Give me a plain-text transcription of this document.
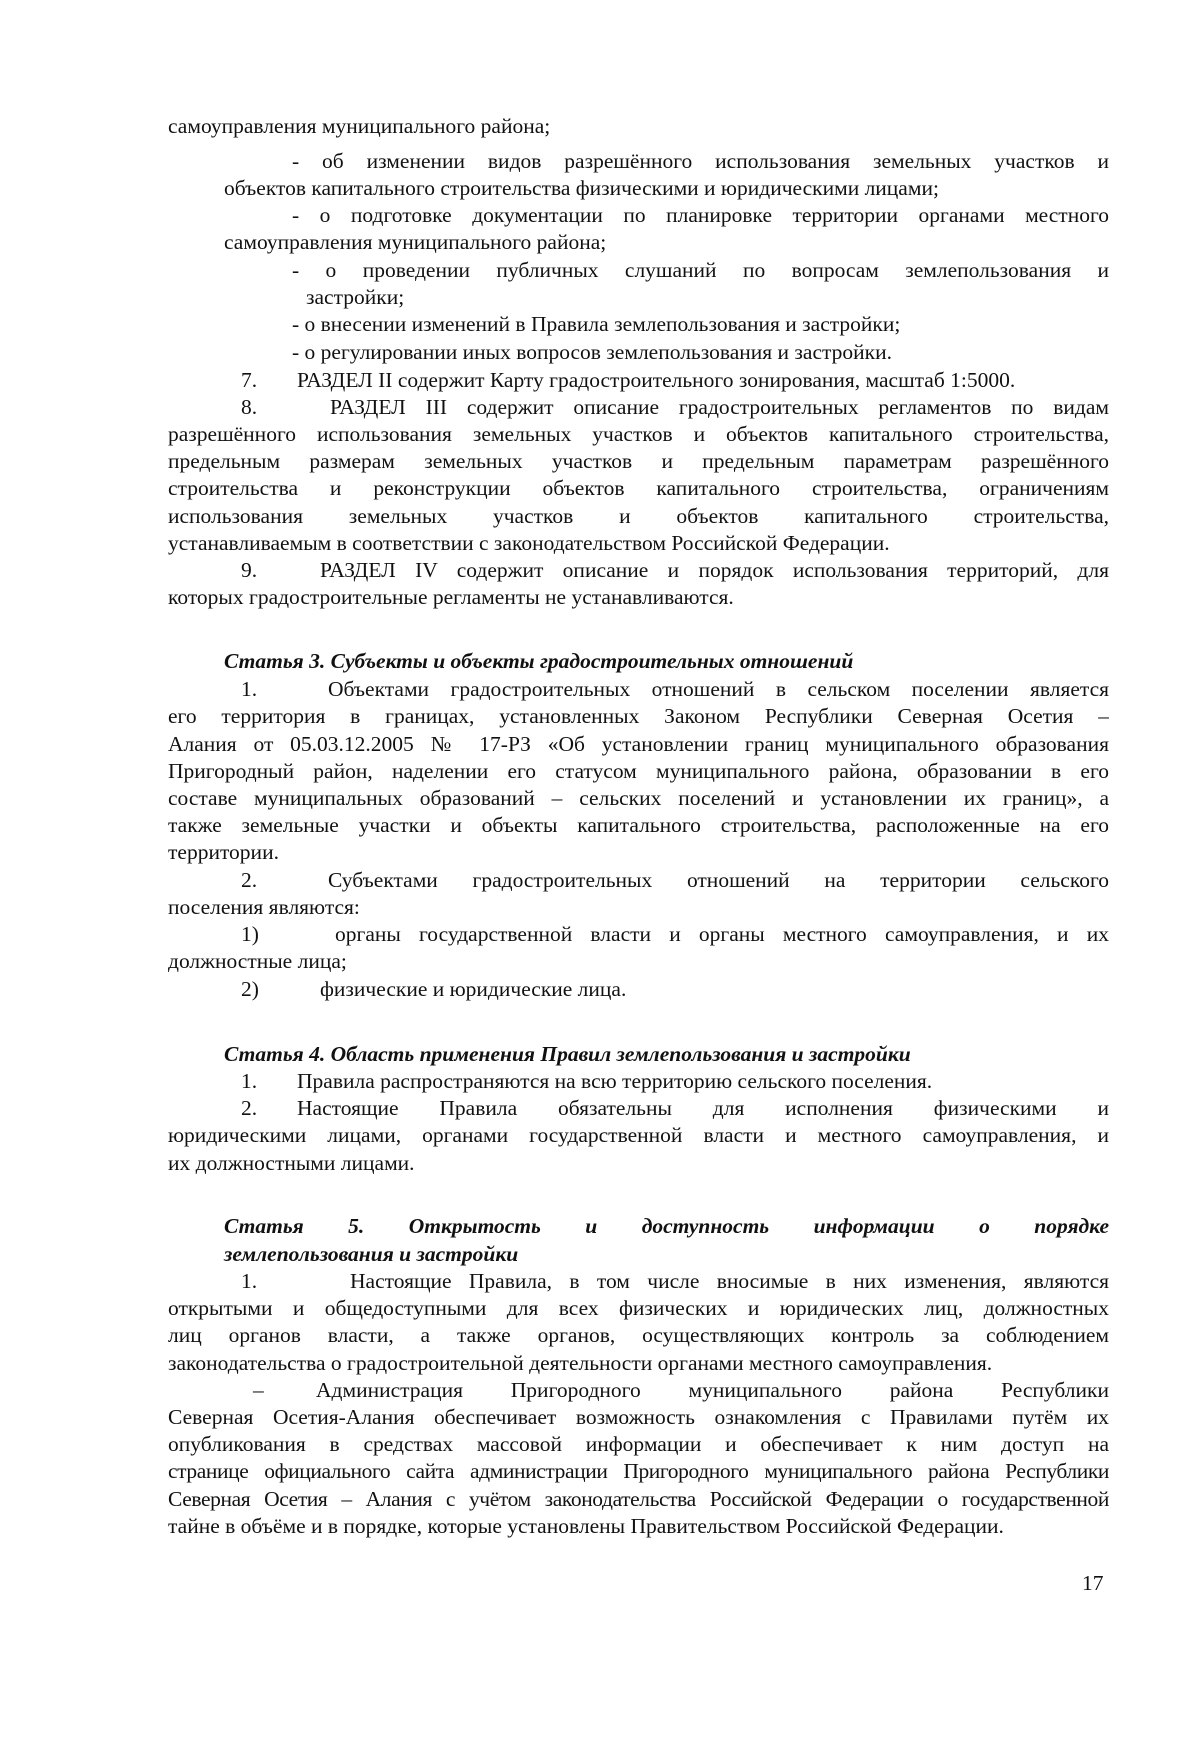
самоуправления муниципального района;
- об изменении видов разрешённого использования земельных участков и
объектов капитального строительства физическими и юридическими лицами;
- о подготовке документации по планировке территории органами местного
самоуправления муниципального района;
- о проведении публичных слушаний по вопросам землепользования и
застройки;
- о внесении изменений в Правила землепользования и застройки;
- о регулировании иных вопросов землепользования и застройки.
7. РАЗДЕЛ II содержит Карту градостроительного зонирования, масштаб 1:5000.
8.	РАЗДЕЛ III содержит описание градостроительных регламентов по видам
разрешённого использования земельных участков и объектов капитального строительства,
предельным размерам земельных участков и предельным параметрам разрешённого
строительства и реконструкции объектов капитального строительства, ограничениям
использования земельных участков и объектов капитального строительства,
устанавливаемым в соответствии с законодательством Российской Федерации.
9.	РАЗДЕЛ IV содержит описание и порядок использования территорий, для
которых градостроительные регламенты не устанавливаются.
Статья 3. Субъекты и объекты градостроительных отношений
1.	Объектами градостроительных отношений в сельском поселении является
его территория в границах, установленных Законом Республики Северная Осетия –
Алания от 05.03.12.2005 № 17-РЗ «Об установлении границ муниципального образования
Пригородный район, наделении его статусом муниципального района, образовании в его
составе муниципальных образований – сельских поселений и установлении их границ», а
также земельные участки и объекты капитального строительства, расположенные на его
территории.
2.	Субъектами градостроительных отношений на территории сельского
поселения являются:
1)	органы государственной власти и органы местного самоуправления, и их
должностные лица;
2)	физические и юридические лица.
Статья 4. Область применения Правил землепользования и застройки
1. Правила распространяются на всю территорию сельского поселения.
2. Настоящие Правила обязательны для исполнения физическими и
юридическими лицами, органами государственной власти и местного самоуправления, и
их должностными лицами.
Статья 5. Открытость и доступность информации о порядке
землепользования и застройки
1.	Настоящие Правила, в том числе вносимые в них изменения, являются
открытыми и общедоступными для всех физических и юридических лиц, должностных
лиц органов власти, а также органов, осуществляющих контроль за соблюдением
законодательства о градостроительной деятельности органами местного самоуправления.
– Администрация Пригородного муниципального района Республики
Северная Осетия-Алания обеспечивает возможность ознакомления с Правилами путём их
опубликования в средствах массовой информации и обеспечивает к ним доступ на
странице официального сайта администрации Пригородного муниципального района Республики
Северная Осетия – Алания с учётом законодательства Российской Федерации о государственной
тайне в объёме и в порядке, которые установлены Правительством Российской Федерации.
17
